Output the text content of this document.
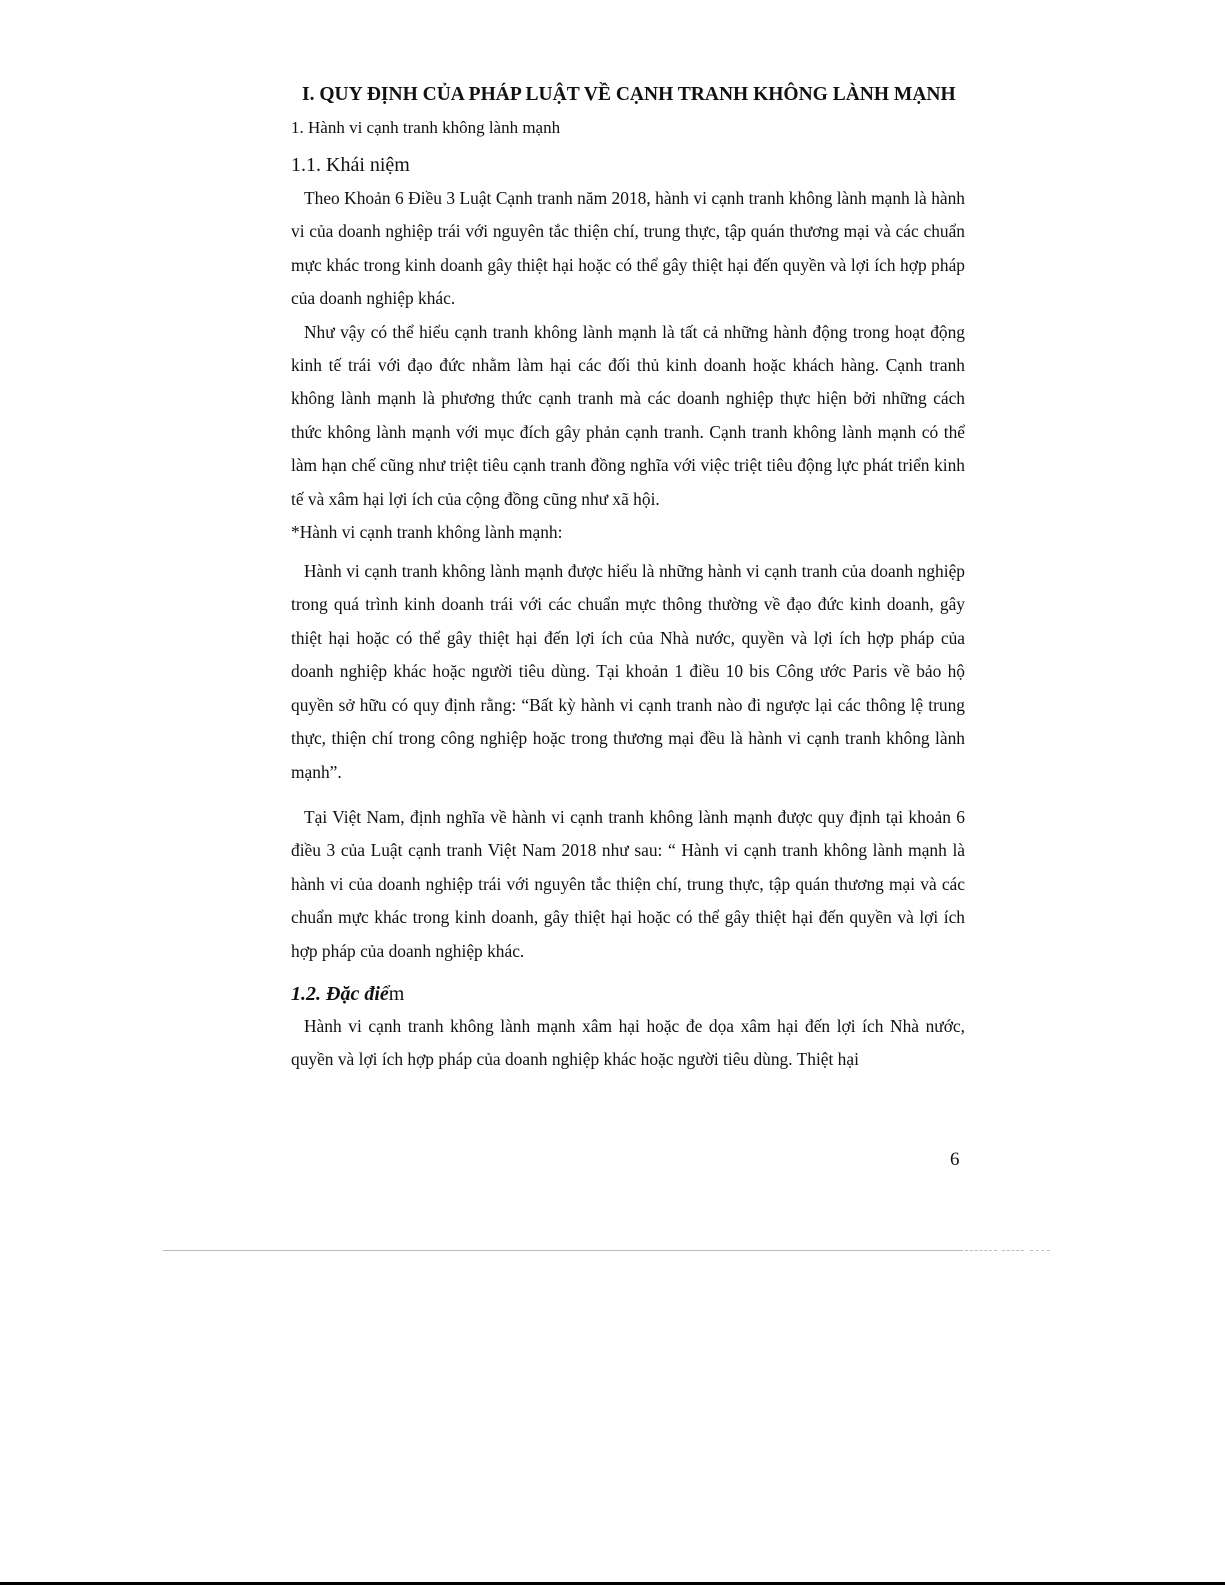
I. QUY ĐỊNH CỦA PHÁP LUẬT VỀ CẠNH TRANH KHÔNG LÀNH MẠNH
1. Hành vi cạnh tranh không lành mạnh
1.1. Khái niệm

Theo Khoản 6 Điều 3 Luật Cạnh tranh năm 2018, hành vi cạnh tranh không lành mạnh là hành vi của doanh nghiệp trái với nguyên tắc thiện chí, trung thực, tập quán thương mại và các chuẩn mực khác trong kinh doanh gây thiệt hại hoặc có thể gây thiệt hại đến quyền và lợi ích hợp pháp của doanh nghiệp khác.

Như vậy có thể hiểu cạnh tranh không lành mạnh là tất cả những hành động trong hoạt động kinh tế trái với đạo đức nhằm làm hại các đối thủ kinh doanh hoặc khách hàng. Cạnh tranh không lành mạnh là phương thức cạnh tranh mà các doanh nghiệp thực hiện bởi những cách thức không lành mạnh với mục đích gây phản cạnh tranh. Cạnh tranh không lành mạnh có thể làm hạn chế cũng như triệt tiêu cạnh tranh đồng nghĩa với việc triệt tiêu động lực phát triển kinh tế và xâm hại lợi ích của cộng đồng cũng như xã hội.

*Hành vi cạnh tranh không lành mạnh:

Hành vi cạnh tranh không lành mạnh được hiểu là những hành vi cạnh tranh của doanh nghiệp trong quá trình kinh doanh trái với các chuẩn mực thông thường về đạo đức kinh doanh, gây thiệt hại hoặc có thể gây thiệt hại đến lợi ích của Nhà nước, quyền và lợi ích hợp pháp của doanh nghiệp khác hoặc người tiêu dùng. Tại khoản 1 điều 10 bis Công ước Paris về bảo hộ quyền sở hữu có quy định rằng: “Bất kỳ hành vi cạnh tranh nào đi ngược lại các thông lệ trung thực, thiện chí trong công nghiệp hoặc trong thương mại đều là hành vi cạnh tranh không lành mạnh”.

Tại Việt Nam, định nghĩa về hành vi cạnh tranh không lành mạnh được quy định tại khoản 6 điều 3 của Luật cạnh tranh Việt Nam 2018 như sau: “ Hành vi cạnh tranh không lành mạnh là hành vi của doanh nghiệp trái với nguyên tắc thiện chí, trung thực, tập quán thương mại và các chuẩn mực khác trong kinh doanh, gây thiệt hại hoặc có thể gây thiệt hại đến quyền và lợi ích hợp pháp của doanh nghiệp khác.

1.2. Đặc điểm

Hành vi cạnh tranh không lành mạnh xâm hại hoặc đe dọa xâm hại đến lợi ích Nhà nước, quyền và lợi ích hợp pháp của doanh nghiệp khác hoặc người tiêu dùng. Thiệt hại

6
